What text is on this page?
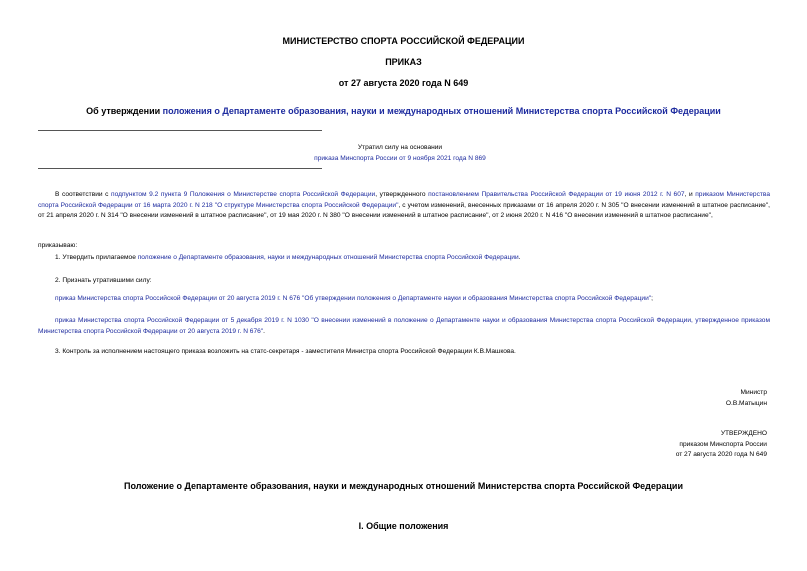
МИНИСТЕРСТВО СПОРТА РОССИЙСКОЙ ФЕДЕРАЦИИ
ПРИКАЗ
от 27 августа 2020 года N 649
Об утверждении положения о Департаменте образования, науки и международных отношений Министерства спорта Российской Федерации
Утратил силу на основании
приказа Минспорта России от 9 ноября 2021 года N 869
В соответствии с подпунктом 9.2 пункта 9 Положения о Министерстве спорта Российской Федерации, утвержденного постановлением Правительства Российской Федерации от 19 июня 2012 г. N 607, и приказом Министерства спорта Российской Федерации от 16 марта 2020 г. N 218 "О структуре Министерства спорта Российской Федерации", с учетом изменений, внесенных приказами от 16 апреля 2020 г. N 305 "О внесении изменений в штатное расписание", от 21 апреля 2020 г. N 314 "О внесении изменений в штатное расписание", от 19 мая 2020 г. N 380 "О внесении изменений в штатное расписание", от 2 июня 2020 г. N 416 "О внесении изменений в штатное расписание",
приказываю:
1. Утвердить прилагаемое положение о Департаменте образования, науки и международных отношений Министерства спорта Российской Федерации.
2. Признать утратившими силу:
приказ Министерства спорта Российской Федерации от 20 августа 2019 г. N 676 "Об утверждении положения о Департаменте науки и образования Министерства спорта Российской Федерации";
приказ Министерства спорта Российской Федерации от 5 декабря 2019 г. N 1030 "О внесении изменений в положение о Департаменте науки и образования Министерства спорта Российской Федерации, утвержденное приказом Министерства спорта Российской Федерации от 20 августа 2019 г. N 676".
3. Контроль за исполнением настоящего приказа возложить на статс-секретаря - заместителя Министра спорта Российской Федерации К.В.Машкова.
Министр
О.В.Матыцин
УТВЕРЖДЕНО
приказом Минспорта России
от 27 августа 2020 года N 649
Положение о Департаменте образования, науки и международных отношений Министерства спорта Российской Федерации
I. Общие положения
